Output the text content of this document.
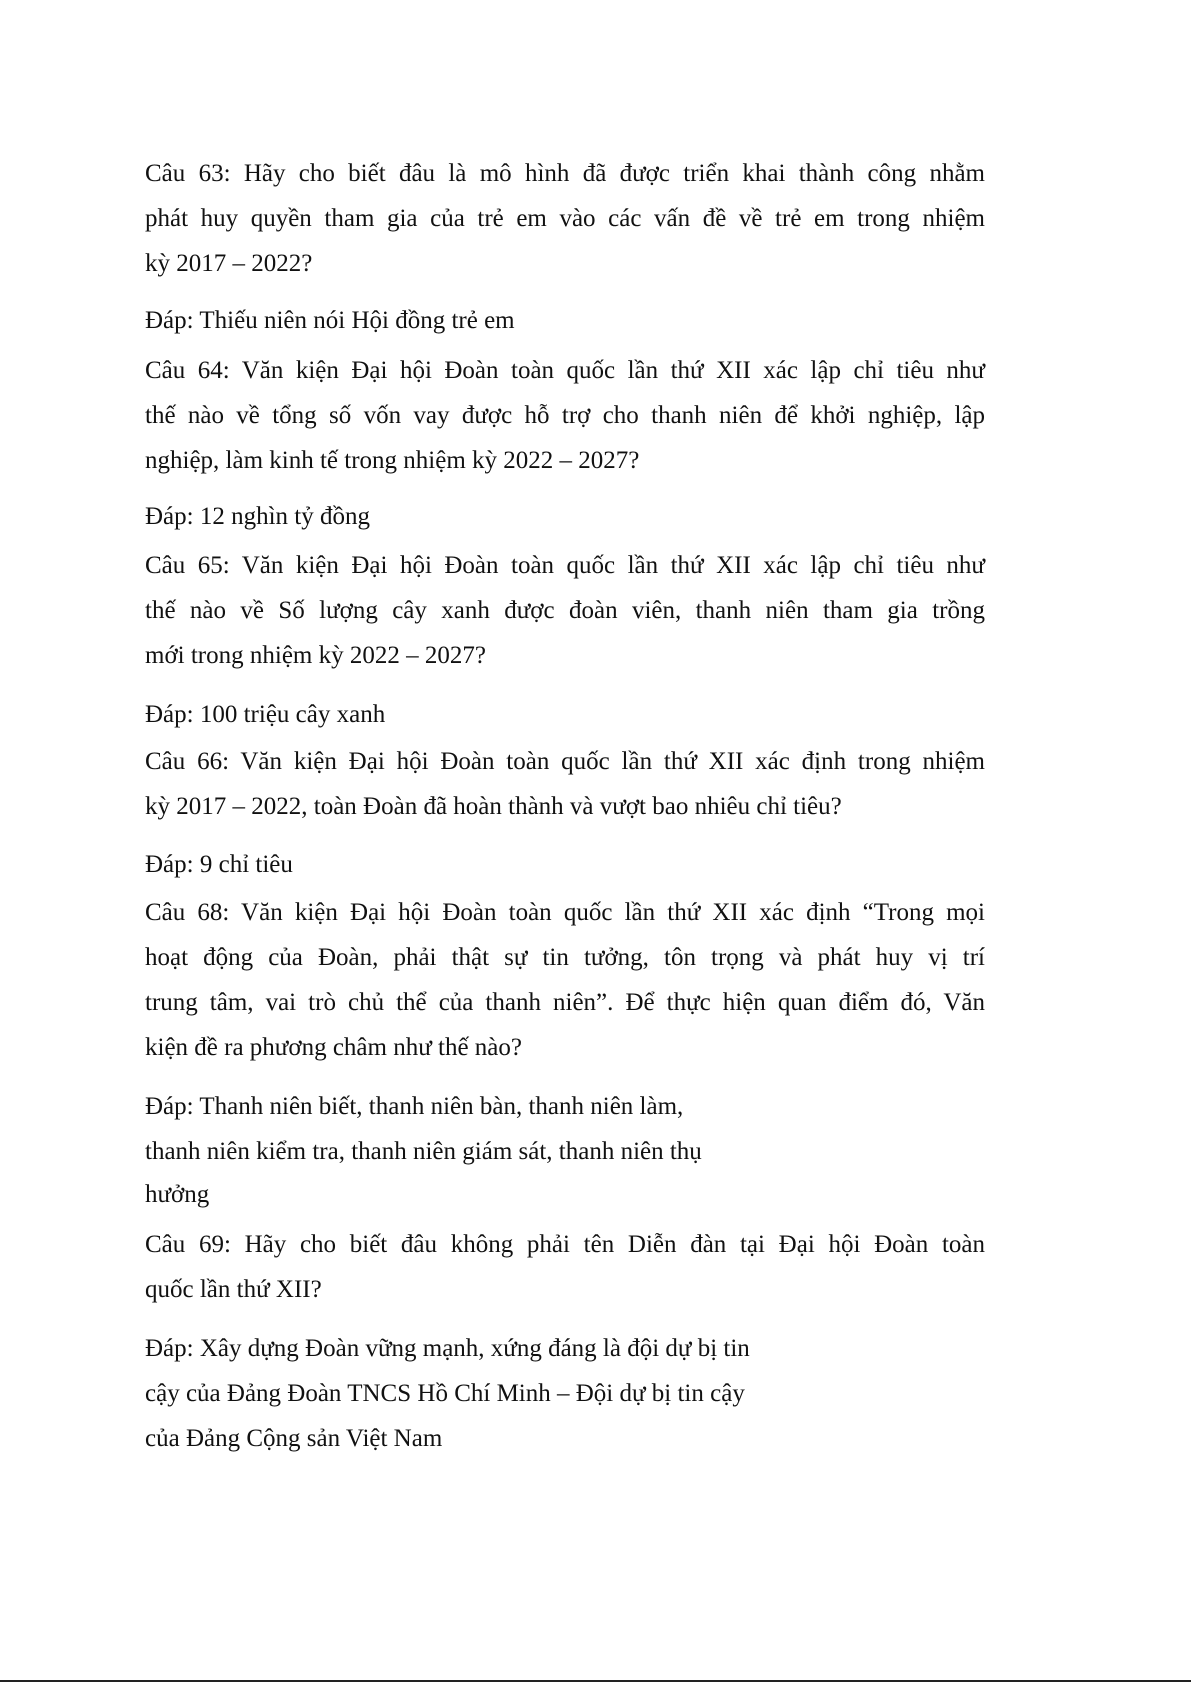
Câu 63: Hãy cho biết đâu là mô hình đã được triển khai thành công nhằm
phát huy quyền tham gia của trẻ em vào các vấn đề về trẻ em trong nhiệm
kỳ 2017 – 2022?
Đáp: Thiếu niên nói Hội đồng trẻ em
Câu 64: Văn kiện Đại hội Đoàn toàn quốc lần thứ XII xác lập chỉ tiêu như
thế nào về tổng số vốn vay được hỗ trợ cho thanh niên để khởi nghiệp, lập
nghiệp, làm kinh tế trong nhiệm kỳ 2022 – 2027?
Đáp: 12 nghìn tỷ đồng
Câu 65: Văn kiện Đại hội Đoàn toàn quốc lần thứ XII xác lập chỉ tiêu như
thế nào về Số lượng cây xanh được đoàn viên, thanh niên tham gia trồng
mới trong nhiệm kỳ 2022 – 2027?
Đáp: 100 triệu cây xanh
Câu 66: Văn kiện Đại hội Đoàn toàn quốc lần thứ XII xác định trong nhiệm
kỳ 2017 – 2022, toàn Đoàn đã hoàn thành và vượt bao nhiêu chỉ tiêu?
Đáp: 9 chỉ tiêu
Câu 68: Văn kiện Đại hội Đoàn toàn quốc lần thứ XII xác định “Trong mọi
hoạt động của Đoàn, phải thật sự tin tưởng, tôn trọng và phát huy vị trí
trung tâm, vai trò chủ thể của thanh niên”. Để thực hiện quan điểm đó, Văn
kiện đề ra phương châm như thế nào?
Đáp: Thanh niên biết, thanh niên bàn, thanh niên làm,
thanh niên kiểm tra, thanh niên giám sát, thanh niên thụ
hưởng
Câu 69: Hãy cho biết đâu không phải tên Diễn đàn tại Đại hội Đoàn toàn
quốc lần thứ XII?
Đáp: Xây dựng Đoàn vững mạnh, xứng đáng là đội dự bị tin
cậy của Đảng Đoàn TNCS Hồ Chí Minh – Đội dự bị tin cậy
của Đảng Cộng sản Việt Nam
